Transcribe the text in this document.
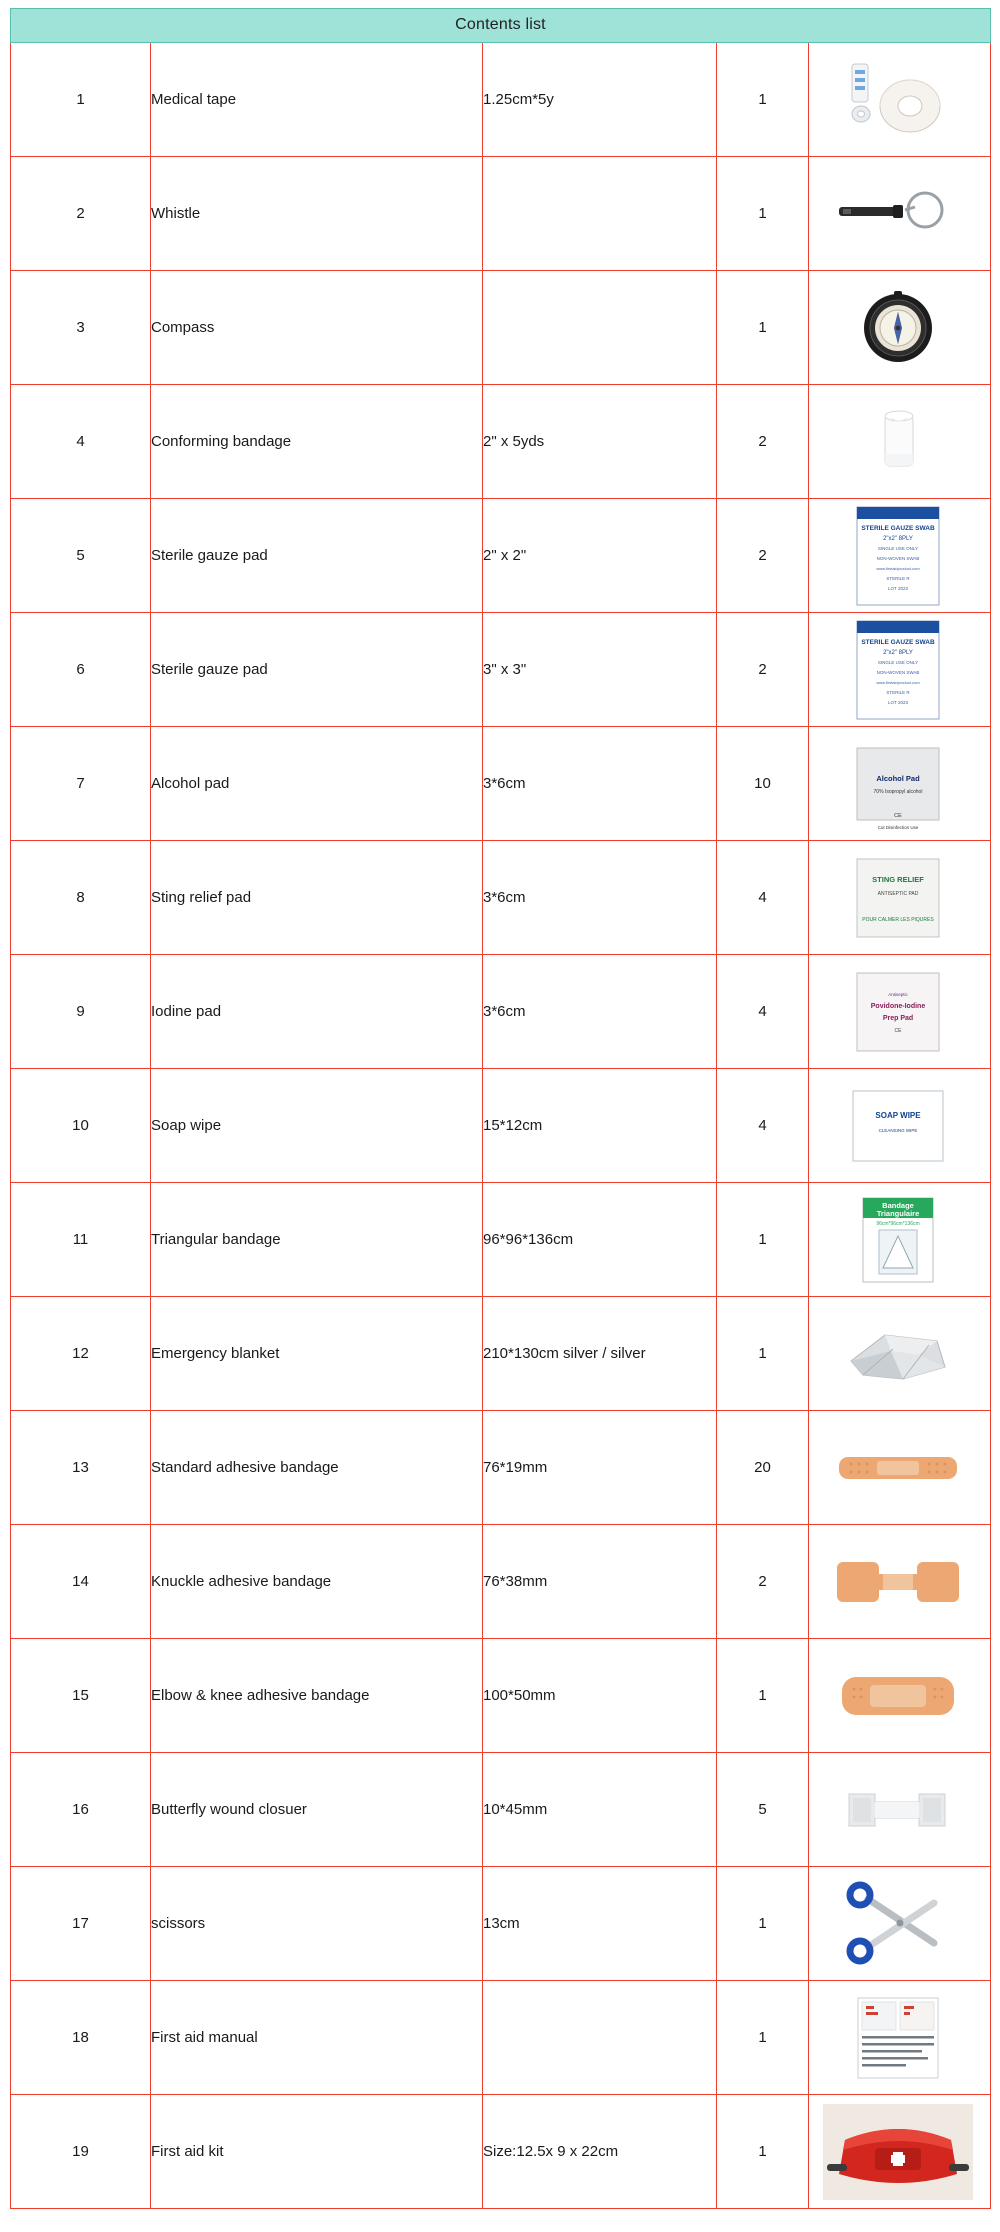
Contents list				
1	Medical tape	1.25cm*5y	1	

2	Whistle		1	

3	Compass		1	

4	Conforming bandage	2" x 5yds	2	

5	Sterile gauze pad	2" x 2"	2	
STERILE GAUZE SWAB
2"x2" 8PLY
SINGLE USE ONLY
NON-WOVEN SWAB
www.firstaidproduct.com
STERILE R
LOT 2023

6	Sterile gauze pad	3" x 3"	2	
STERILE GAUZE SWAB
2"x2" 8PLY
SINGLE USE ONLY
NON-WOVEN SWAB
www.firstaidproduct.com
STERILE R
LOT 2023

7	Alcohol pad	3*6cm	10	Alcohol Pad
70% Isopropyl alcohol
CE
Cut Disinfection Use

8	Sting relief pad	3*6cm	4	STING RELIEF
ANTISEPTIC PAD
POUR CALMER LES PIQURES

9	Iodine pad	3*6cm	4	Antiseptic
Povidone-Iodine
Prep Pad
CE

10	Soap wipe	15*12cm	4	SOAP WIPE
CLEANSING WIPE

11	Triangular bandage	96*96*136cm	1	Bandage
Triangulaire
96cm*96cm*136cm

12	Emergency blanket	210*130cm silver / silver	1	

13	Standard adhesive bandage	76*19mm	20	

14	Knuckle adhesive bandage	76*38mm	2	

15	Elbow & knee adhesive bandage	100*50mm	1	

16	Butterfly wound closuer	10*45mm	5	

17	scissors	13cm	1	

18	First aid manual		1	

19	First aid kit	Size:12.5x 9 x 22cm	1	
